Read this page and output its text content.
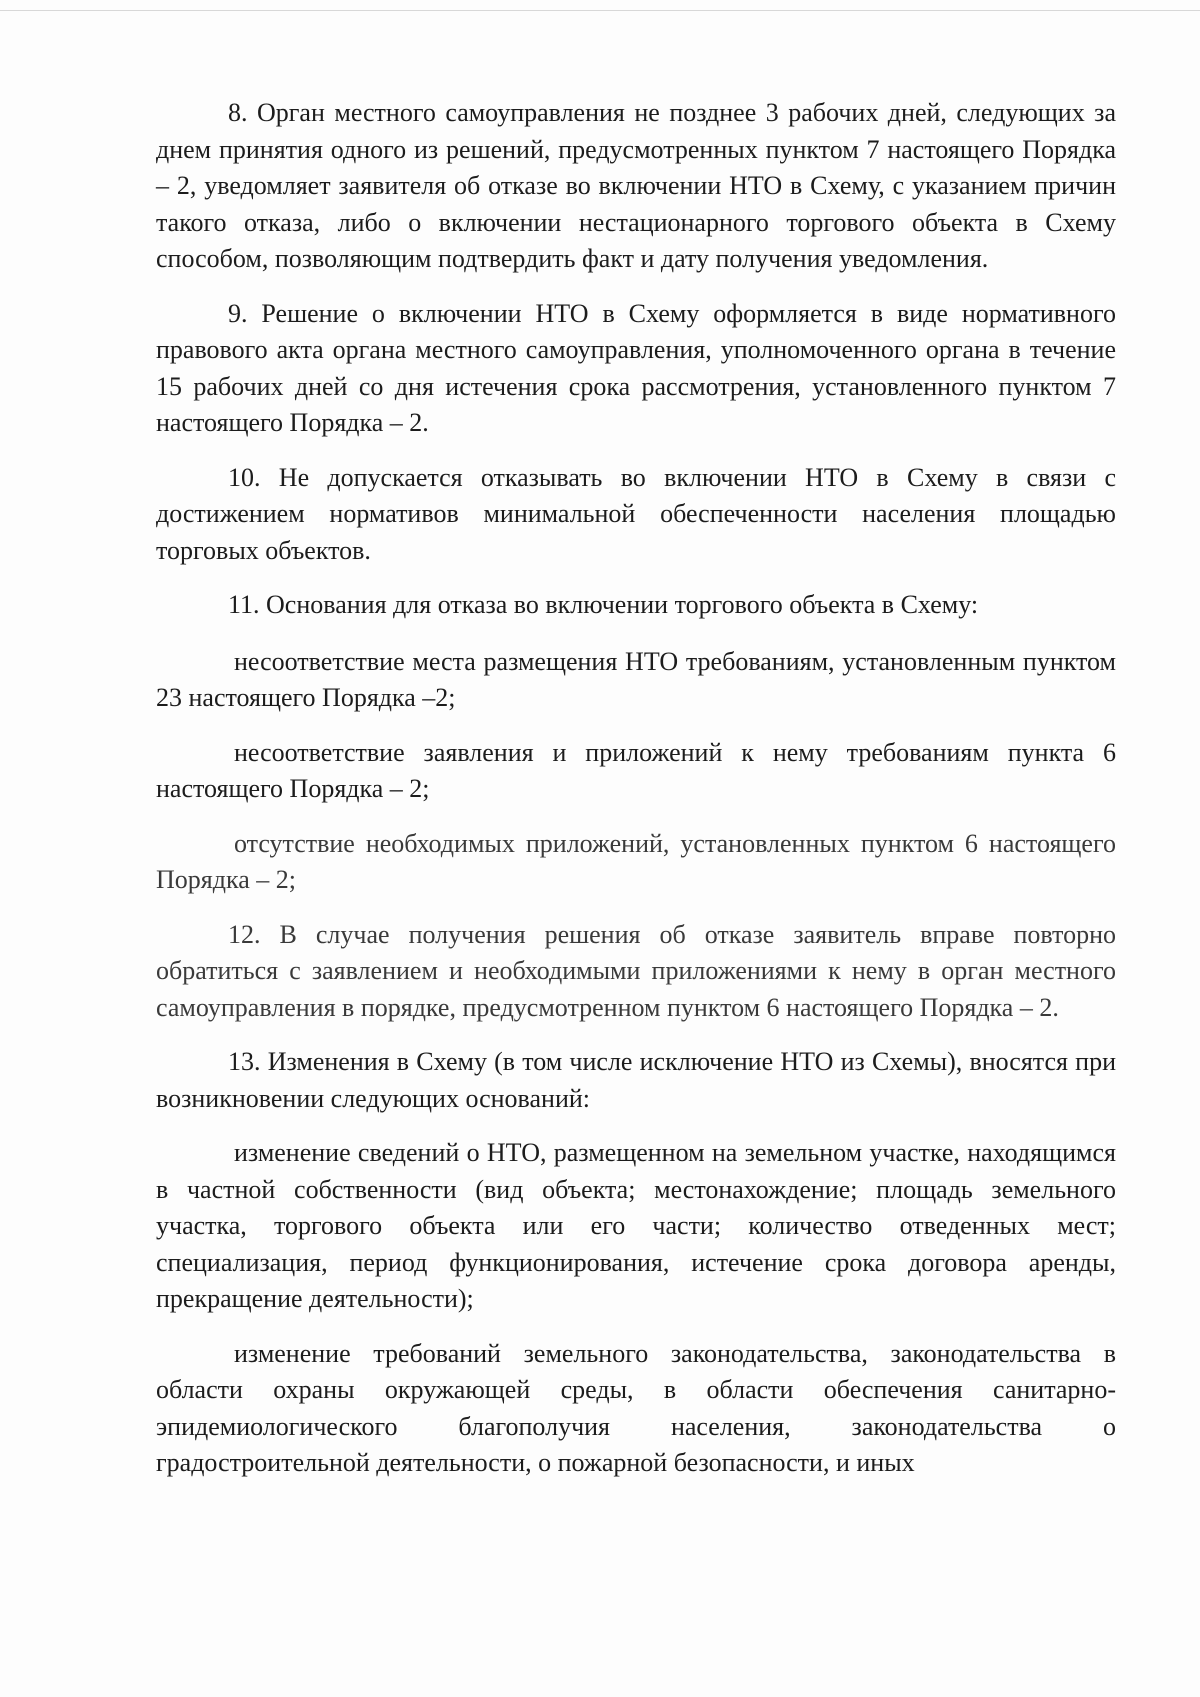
8. Орган местного самоуправления не позднее 3 рабочих дней, следующих за днем принятия одного из решений, предусмотренных пунктом 7 настоящего Порядка – 2, уведомляет заявителя об отказе во включении НТО в Схему, с указанием причин такого отказа, либо о включении нестационарного торгового объекта в Схему способом, позволяющим подтвердить факт и дату получения уведомления.

9. Решение о включении НТО в Схему оформляется в виде нормативного правового акта органа местного самоуправления, уполномоченного органа в течение 15 рабочих дней со дня истечения срока рассмотрения, установленного пунктом 7 настоящего Порядка – 2.

10. Не допускается отказывать во включении НТО в Схему в связи с достижением нормативов минимальной обеспеченности населения площадью торговых объектов.

11. Основания для отказа во включении торгового объекта в Схему:

несоответствие места размещения НТО требованиям, установленным пунктом 23 настоящего Порядка –2;

несоответствие заявления и приложений к нему требованиям пункта 6 настоящего Порядка – 2;

отсутствие необходимых приложений, установленных пунктом 6 настоящего Порядка – 2;

12. В случае получения решения об отказе заявитель вправе повторно обратиться с заявлением и необходимыми приложениями к нему в орган местного самоуправления в порядке, предусмотренном пунктом 6 настоящего Порядка – 2.

13. Изменения в Схему (в том числе исключение НТО из Схемы), вносятся при возникновении следующих оснований:

изменение сведений о НТО, размещенном на земельном участке, находящимся в частной собственности (вид объекта; местонахождение; площадь земельного участка, торгового объекта или его части; количество отведенных мест; специализация, период функционирования, истечение срока договора аренды, прекращение деятельности);

изменение требований земельного законодательства, законодательства в области охраны окружающей среды, в области обеспечения санитарно-эпидемиологического благополучия населения, законодательства о градостроительной деятельности, о пожарной безопасности, и иных
